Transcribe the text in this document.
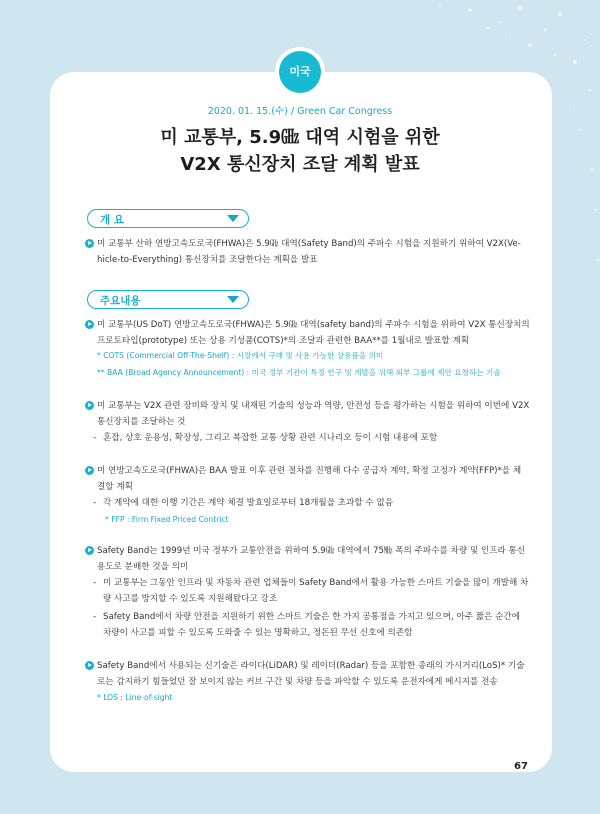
미국
2020. 01. 15.(수) / Green Car Congress
미 교통부, 5.9㎓ 대역 시험을 위한
V2X 통신장치 조달 계획 발표
개 요
미 교통부 산하 연방고속도로국(FHWA)은 5.9㎓ 대역(Safety Band)의 주파수 시험을 지원하기 위하여 V2X(Ve-
hicle-to-Everything) 통신장치를 조달한다는 계획을 발표
주요내용
미 교통부(US DoT) 연방고속도로국(FHWA)은 5.9㎓ 대역(safety band)의 주파수 시험을 위하여 V2X 통신장치의
프로토타입(prototype) 또는 상용 기성품(COTS)*의 조달과 관련한 BAA**를 1월내로 발표할 계획
* COTS (Commercial Off-The-Shelf) : 시장에서 구매 및 사용 가능한 상용품을 의미
** BAA (Broad Agency Announcement) : 미국 정부 기관이 특정 연구 및 개발을 위해 외부 그룹에 제안 요청하는 기술
미 교통부는 V2X 관련 장비와 장치 및 내재된 기술의 성능과 역량, 안전성 등을 평가하는 시험을 위하여 이번에 V2X
통신장치를 조달하는 것
- 혼잡, 상호 운용성, 확장성, 그리고 복잡한 교통 상황 관련 시나리오 등이 시험 내용에 포함
미 연방고속도로국(FHWA)은 BAA 발표 이후 관련 절차를 진행해 다수 공급자 계약, 확정 고정가 계약(FFP)*을 체
결할 계획
- 각 계약에 대한 이행 기간은 계약 체결 발효일로부터 18개월을 초과할 수 없음
* FFP : Firm Fixed Priced Contrict
Safety Band는 1999년 미국 정부가 교통안전을 위하여 5.9㎓ 대역에서 75㎒ 폭의 주파수를 차량 및 인프라 통신
용도로 분배한 것을 의미
- 미 교통부는 그동안 인프라 및 자동차 관련 업체들이 Safety Band에서 활용 가능한 스마트 기술을 많이 개발해 차
량 사고를 방지할 수 있도록 지원해왔다고 강조
- Safety Band에서 차량 안전을 지원하기 위한 스마트 기술은 한 가지 공통점을 가지고 있으며, 아주 짧은 순간에
차량이 사고를 피할 수 있도록 도와줄 수 있는 명확하고, 정돈된 무선 신호에 의존함
Safety Band에서 사용되는 신기술은 라이다(LiDAR) 및 레이더(Radar) 등을 포함한 종래의 가시거리(LoS)* 기술
로는 감지하기 힘들었던 잘 보이지 않는 커브 구간 및 차량 등을 파악할 수 있도록 운전자에게 메시지를 전송
* LOS : Line-of-sight
67
